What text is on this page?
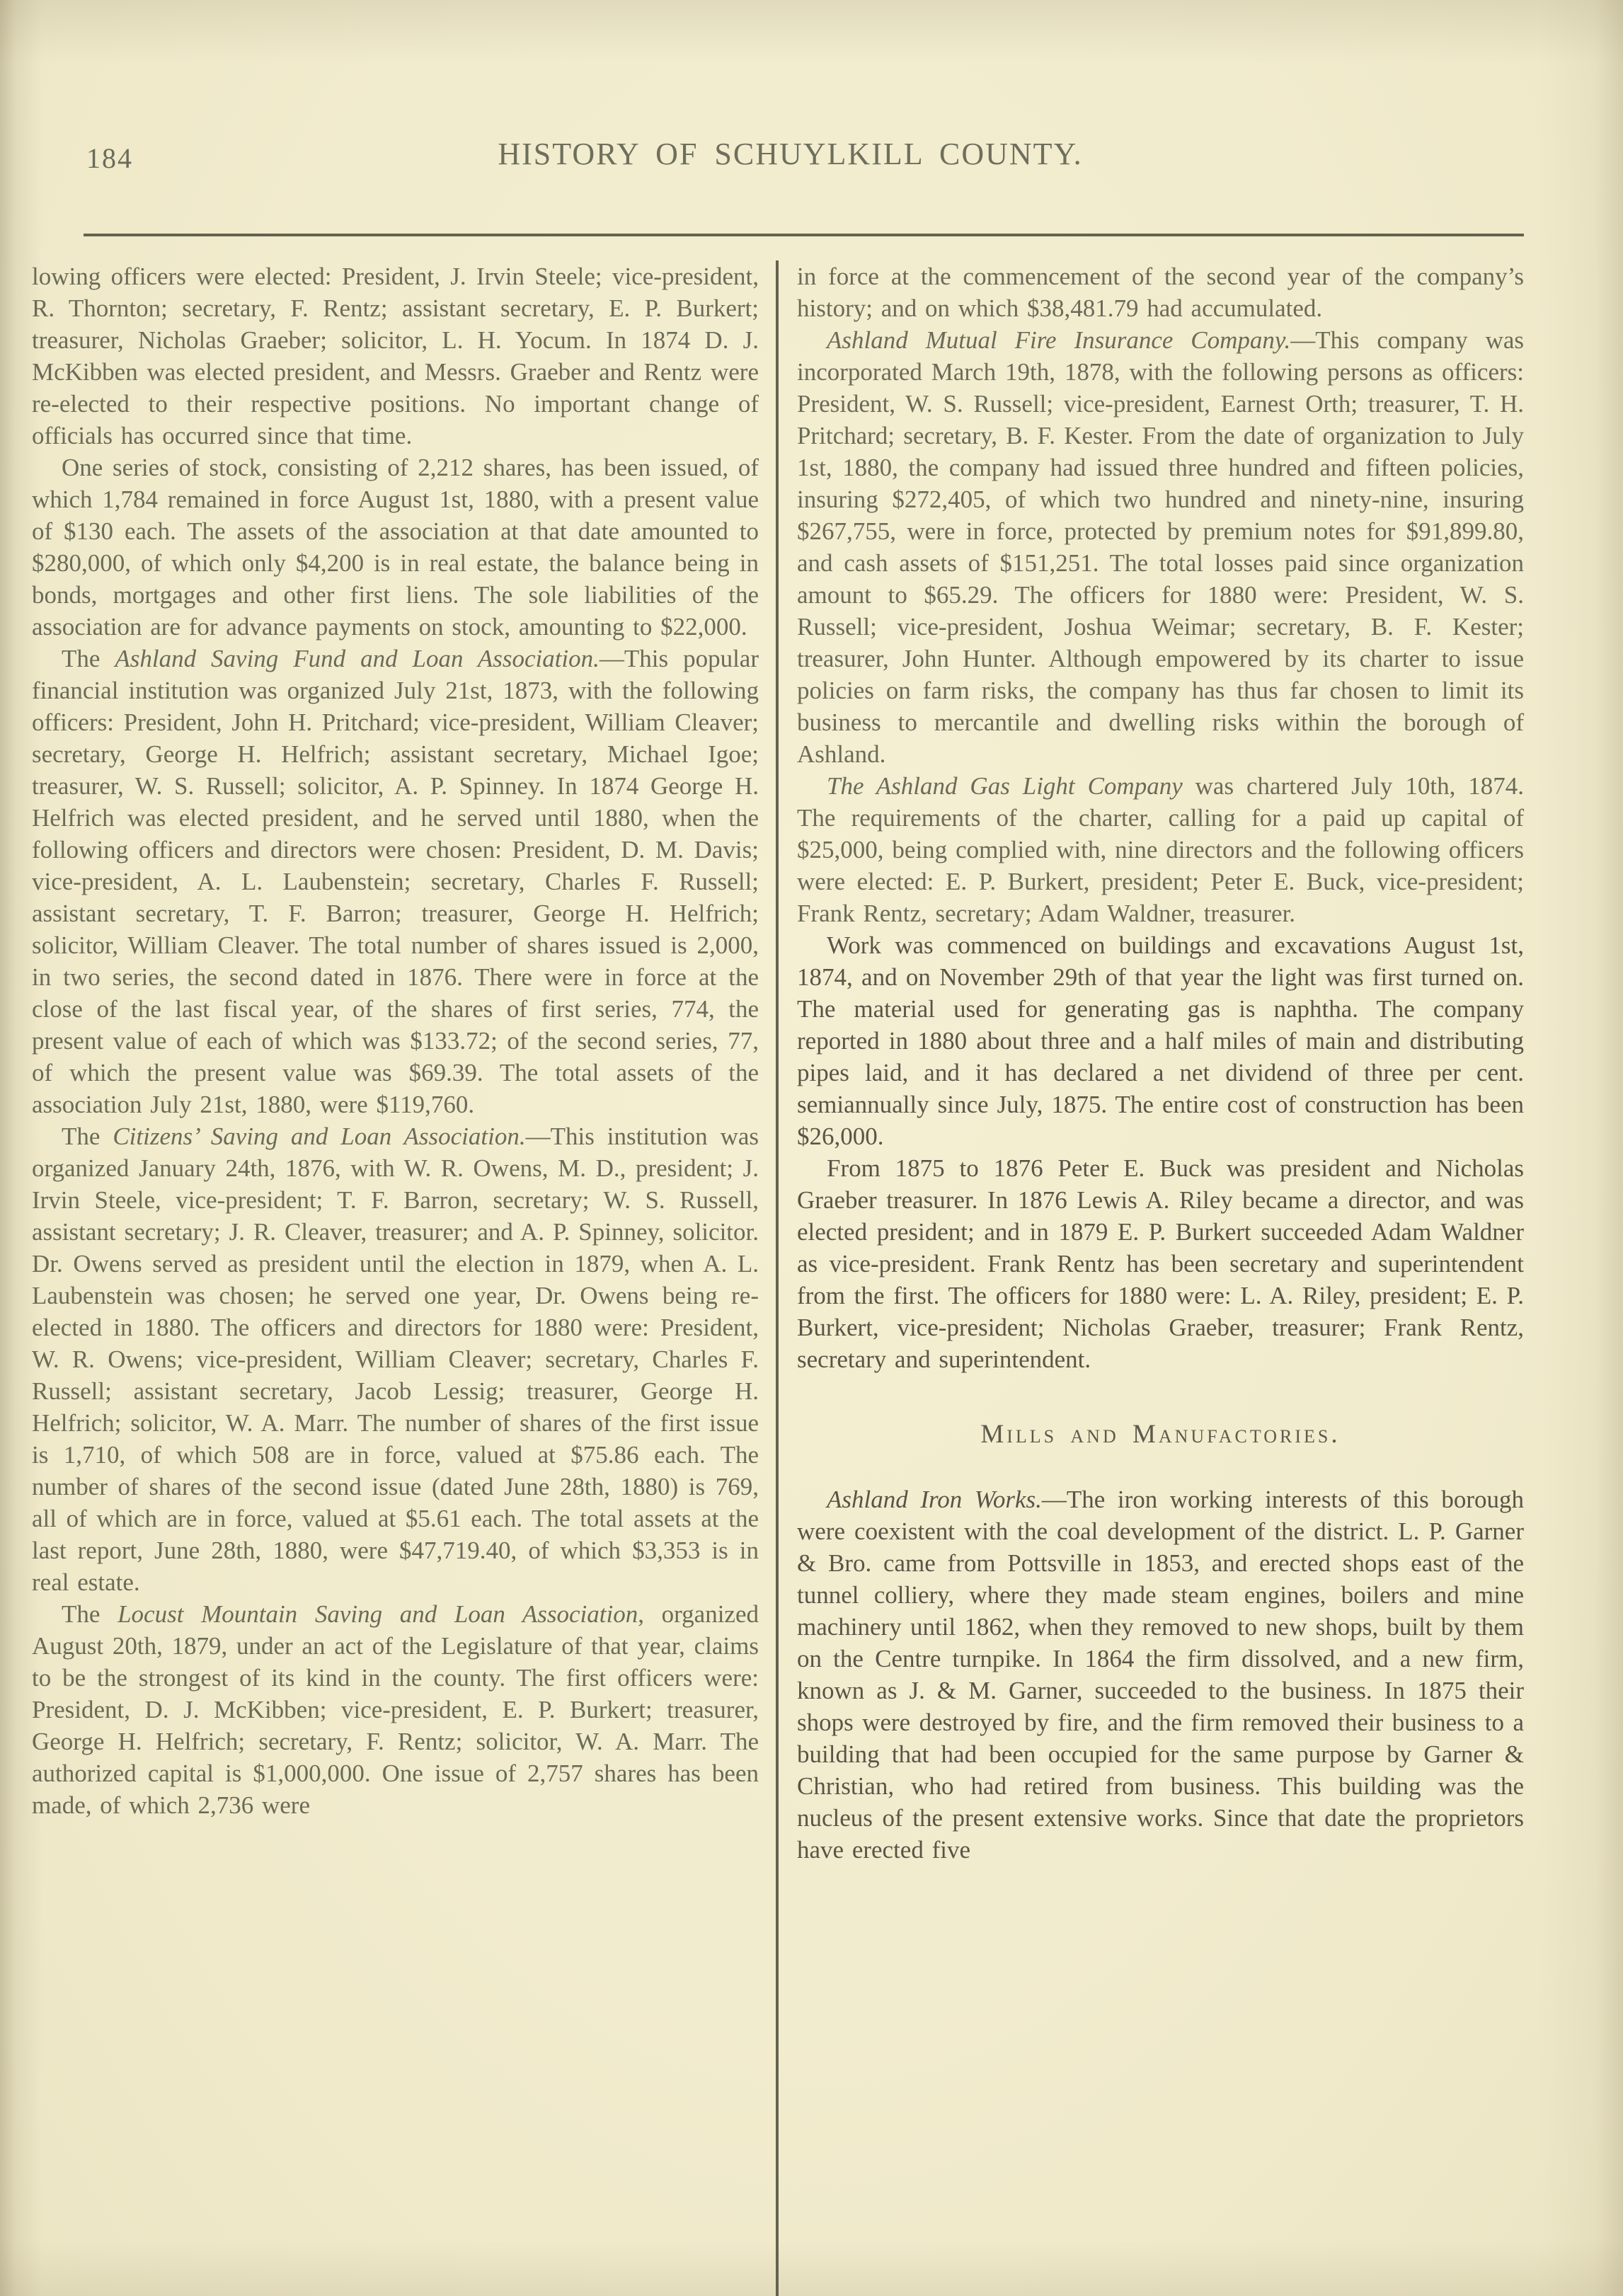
184	HISTORY OF SCHUYLKILL COUNTY.

lowing officers were elected: President, J. Irvin Steele; vice-president, R. Thornton; secretary, F. Rentz; assistant secretary, E. P. Burkert; treasurer, Nicholas Graeber; solicitor, L. H. Yocum. In 1874 D. J. McKibben was elected president, and Messrs. Graeber and Rentz were re-elected to their respective positions. No important change of officials has occurred since that time.

One series of stock, consisting of 2,212 shares, has been issued, of which 1,784 remained in force August 1st, 1880, with a present value of $130 each. The assets of the association at that date amounted to $280,000, of which only $4,200 is in real estate, the balance being in bonds, mortgages and other first liens. The sole liabilities of the association are for advance payments on stock, amounting to $22,000.

The Ashland Saving Fund and Loan Association.—This popular financial institution was organized July 21st, 1873, with the following officers: President, John H. Pritchard; vice-president, William Cleaver; secretary, George H. Helfrich; assistant secretary, Michael Igoe; treasurer, W. S. Russell; solicitor, A. P. Spinney. In 1874 George H. Helfrich was elected president, and he served until 1880, when the following officers and directors were chosen: President, D. M. Davis; vice-president, A. L. Laubenstein; secretary, Charles F. Russell; assistant secretary, T. F. Barron; treasurer, George H. Helfrich; solicitor, William Cleaver. The total number of shares issued is 2,000, in two series, the second dated in 1876. There were in force at the close of the last fiscal year, of the shares of first series, 774, the present value of each of which was $133.72; of the second series, 77, of which the present value was $69.39. The total assets of the association July 21st, 1880, were $119,760.

The Citizens’ Saving and Loan Association.—This institution was organized January 24th, 1876, with W. R. Owens, M. D., president; J. Irvin Steele, vice-president; T. F. Barron, secretary; W. S. Russell, assistant secretary; J. R. Cleaver, treasurer; and A. P. Spinney, solicitor. Dr. Owens served as president until the election in 1879, when A. L. Laubenstein was chosen; he served one year, Dr. Owens being re-elected in 1880. The officers and directors for 1880 were: President, W. R. Owens; vice-president, William Cleaver; secretary, Charles F. Russell; assistant secretary, Jacob Lessig; treasurer, George H. Helfrich; solicitor, W. A. Marr. The number of shares of the first issue is 1,710, of which 508 are in force, valued at $75.86 each. The number of shares of the second issue (dated June 28th, 1880) is 769, all of which are in force, valued at $5.61 each. The total assets at the last report, June 28th, 1880, were $47,719.40, of which $3,353 is in real estate.

The Locust Mountain Saving and Loan Association, organized August 20th, 1879, under an act of the Legislature of that year, claims to be the strongest of its kind in the county. The first officers were: President, D. J. McKibben; vice-president, E. P. Burkert; treasurer, George H. Helfrich; secretary, F. Rentz; solicitor, W. A. Marr. The authorized capital is $1,000,000. One issue of 2,757 shares has been made, of which 2,736 were

in force at the commencement of the second year of the company’s history; and on which $38,481.79 had accumulated.

Ashland Mutual Fire Insurance Company.—This company was incorporated March 19th, 1878, with the following persons as officers: President, W. S. Russell; vice-president, Earnest Orth; treasurer, T. H. Pritchard; secretary, B. F. Kester. From the date of organization to July 1st, 1880, the company had issued three hundred and fifteen policies, insuring $272,405, of which two hundred and ninety-nine, insuring $267,755, were in force, protected by premium notes for $91,899.80, and cash assets of $151,251. The total losses paid since organization amount to $65.29. The officers for 1880 were: President, W. S. Russell; vice-president, Joshua Weimar; secretary, B. F. Kester; treasurer, John Hunter. Although empowered by its charter to issue policies on farm risks, the company has thus far chosen to limit its business to mercantile and dwelling risks within the borough of Ashland.

The Ashland Gas Light Company was chartered July 10th, 1874. The requirements of the charter, calling for a paid up capital of $25,000, being complied with, nine directors and the following officers were elected: E. P. Burkert, president; Peter E. Buck, vice-president; Frank Rentz, secretary; Adam Waldner, treasurer.

Work was commenced on buildings and excavations August 1st, 1874, and on November 29th of that year the light was first turned on. The material used for generating gas is naphtha. The company reported in 1880 about three and a half miles of main and distributing pipes laid, and it has declared a net dividend of three per cent. semiannually since July, 1875. The entire cost of construction has been $26,000.

From 1875 to 1876 Peter E. Buck was president and Nicholas Graeber treasurer. In 1876 Lewis A. Riley became a director, and was elected president; and in 1879 E. P. Burkert succeeded Adam Waldner as vice-president. Frank Rentz has been secretary and superintendent from the first. The officers for 1880 were: L. A. Riley, president; E. P. Burkert, vice-president; Nicholas Graeber, treasurer; Frank Rentz, secretary and superintendent.

Mills and Manufactories.

Ashland Iron Works.—The iron working interests of this borough were coexistent with the coal development of the district. L. P. Garner & Bro. came from Pottsville in 1853, and erected shops east of the tunnel colliery, where they made steam engines, boilers and mine machinery until 1862, when they removed to new shops, built by them on the Centre turnpike. In 1864 the firm dissolved, and a new firm, known as J. & M. Garner, succeeded to the business. In 1875 their shops were destroyed by fire, and the firm removed their business to a building that had been occupied for the same purpose by Garner & Christian, who had retired from business. This building was the nucleus of the present extensive works. Since that date the proprietors have erected five
